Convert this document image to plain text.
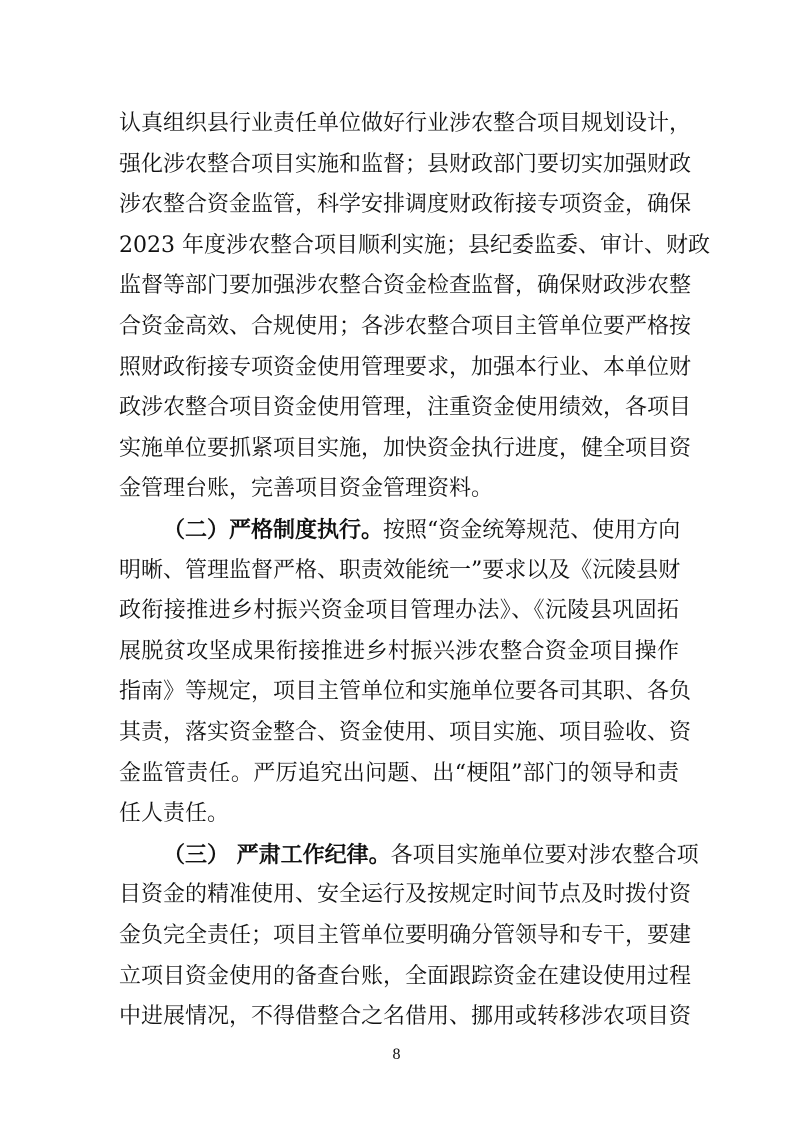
认真组织县行业责任单位做好行业涉农整合项目规划设计，
强化涉农整合项目实施和监督；县财政部门要切实加强财政
涉农整合资金监管，科学安排调度财政衔接专项资金，确保
2023 年度涉农整合项目顺利实施；县纪委监委、审计、财政
监督等部门要加强涉农整合资金检查监督，确保财政涉农整
合资金高效、合规使用；各涉农整合项目主管单位要严格按
照财政衔接专项资金使用管理要求，加强本行业、本单位财
政涉农整合项目资金使用管理，注重资金使用绩效，各项目
实施单位要抓紧项目实施，加快资金执行进度，健全项目资
金管理台账，完善项目资金管理资料。
（二）严格制度执行。按照“资金统筹规范、使用方向
明晰、管理监督严格、职责效能统一”要求以及《沅陵县财
政衔接推进乡村振兴资金项目管理办法》、《沅陵县巩固拓
展脱贫攻坚成果衔接推进乡村振兴涉农整合资金项目操作
指南》等规定，项目主管单位和实施单位要各司其职、各负
其责，落实资金整合、资金使用、项目实施、项目验收、资
金监管责任。严厉追究出问题、出“梗阻”部门的领导和责
任人责任。
（三） 严肃工作纪律。各项目实施单位要对涉农整合项
目资金的精准使用、安全运行及按规定时间节点及时拨付资
金负完全责任；项目主管单位要明确分管领导和专干，要建
立项目资金使用的备查台账，全面跟踪资金在建设使用过程
中进展情况，不得借整合之名借用、挪用或转移涉农项目资
8
